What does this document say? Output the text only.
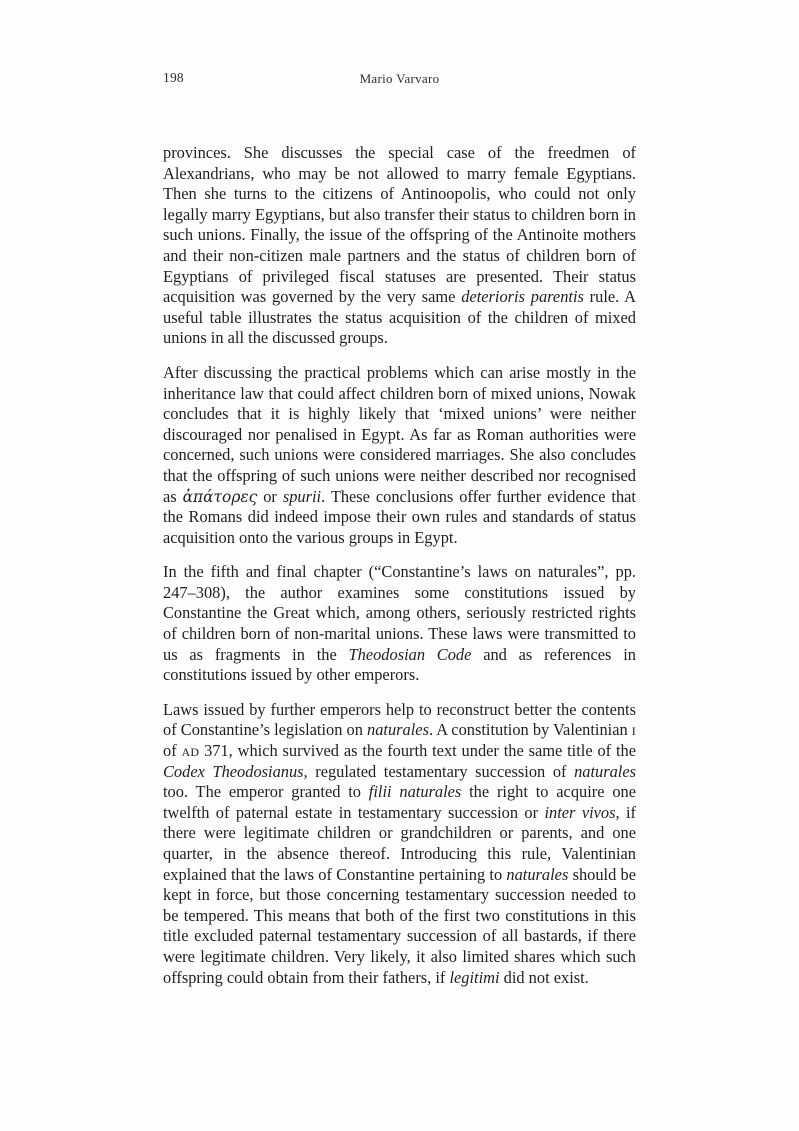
198	Mario Varvaro

provinces. She discusses the special case of the freedmen of Alexandrians, who may be not allowed to marry female Egyptians. Then she turns to the citizens of Antinoopolis, who could not only legally marry Egyptians, but also transfer their status to children born in such unions. Finally, the issue of the offspring of the Antinoite mothers and their non-citizen male partners and the status of children born of Egyptians of privileged fiscal statuses are presented. Their status acquisition was governed by the very same deterioris parentis rule. A useful table illustrates the status acquisition of the children of mixed unions in all the discussed groups.

After discussing the practical problems which can arise mostly in the inheritance law that could affect children born of mixed unions, Nowak concludes that it is highly likely that ‘mixed unions’ were neither discouraged nor penalised in Egypt. As far as Roman authorities were concerned, such unions were considered marriages. She also concludes that the offspring of such unions were neither described nor recognised as ἀπάτορες or spurii. These conclusions offer further evidence that the Romans did indeed impose their own rules and standards of status acquisition onto the various groups in Egypt.

In the fifth and final chapter (“Constantine’s laws on naturales”, pp. 247–308), the author examines some constitutions issued by Constantine the Great which, among others, seriously restricted rights of children born of non-marital unions. These laws were transmitted to us as fragments in the Theodosian Code and as references in constitutions issued by other emperors.

Laws issued by further emperors help to reconstruct better the contents of Constantine’s legislation on naturales. A constitution by Valentinian i of ad 371, which survived as the fourth text under the same title of the Codex Theodosianus, regulated testamentary succession of naturales too. The emperor granted to filii naturales the right to acquire one twelfth of paternal estate in testamentary succession or inter vivos, if there were legitimate children or grandchildren or parents, and one quarter, in the absence thereof. Introducing this rule, Valentinian explained that the laws of Constantine pertaining to naturales should be kept in force, but those concerning testamentary succession needed to be tempered. This means that both of the first two constitutions in this title excluded paternal testamentary succession of all bastards, if there were legitimate children. Very likely, it also limited shares which such offspring could obtain from their fathers, if legitimi did not exist.
